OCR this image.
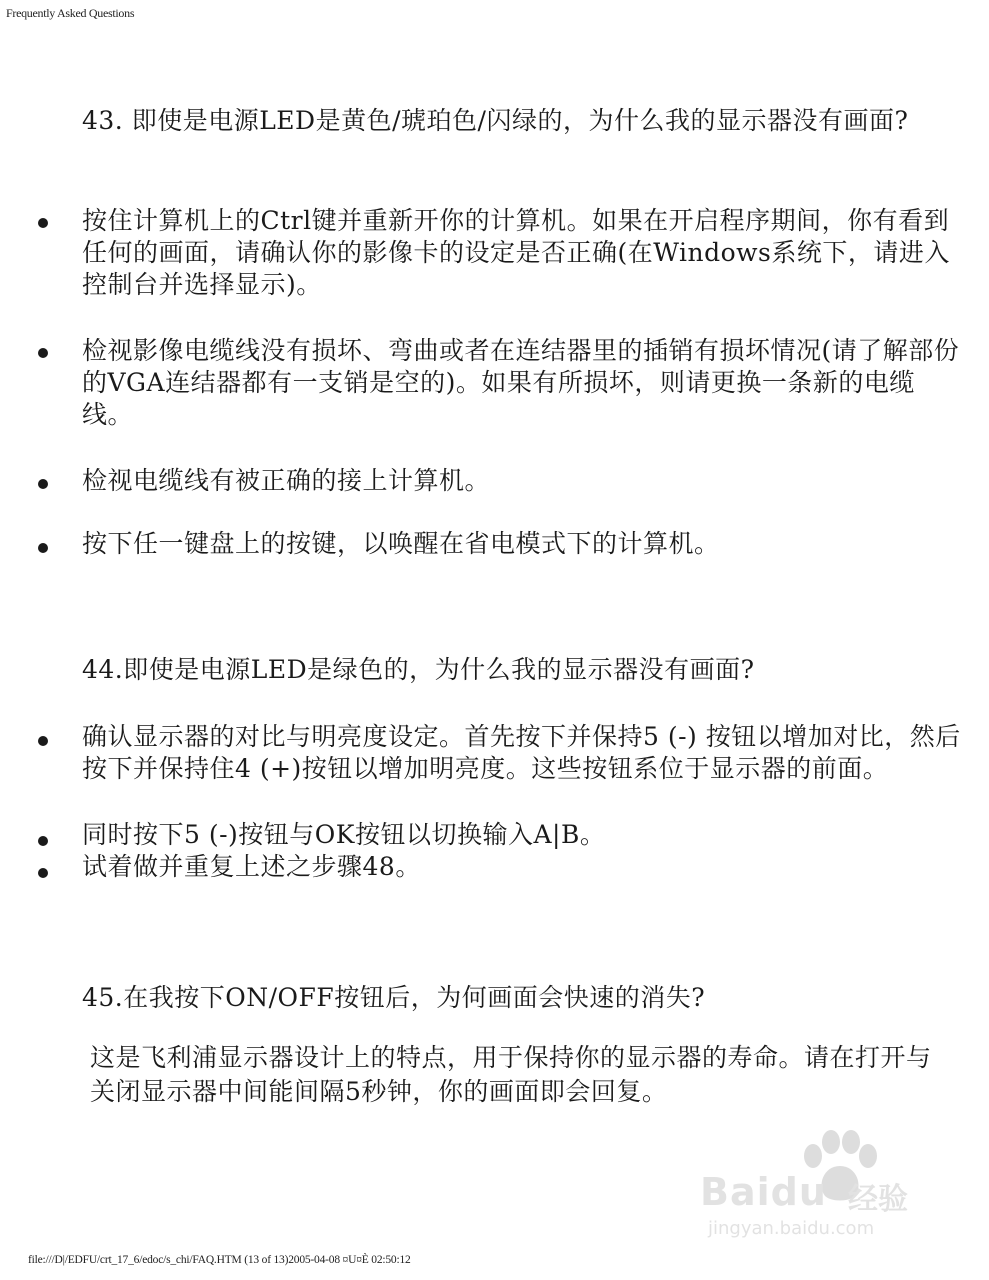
Frequently Asked Questions
43. 即使是电源LED是黄色/琥珀色/闪绿的，为什么我的显示器没有画面?
按住计算机上的Ctrl键并重新开你的计算机。如果在开启程序期间，你有看到任何的画面，请确认你的影像卡的设定是否正确(在Windows系统下，请进入控制台并选择显示)。
检视影像电缆线没有损坏、弯曲或者在连结器里的插销有损坏情况(请了解部份的VGA连结器都有一支销是空的)。如果有所损坏，则请更换一条新的电缆线。
检视电缆线有被正确的接上计算机。
按下任一键盘上的按键，以唤醒在省电模式下的计算机。
44.即使是电源LED是绿色的，为什么我的显示器没有画面?
确认显示器的对比与明亮度设定。首先按下并保持5 (-) 按钮以增加对比，然后按下并保持住4 (+)按钮以增加明亮度。这些按钮系位于显示器的前面。
同时按下5 (-)按钮与OK按钮以切换输入A|B。
试着做并重复上述之步骤48。
45.在我按下ON/OFF按钮后，为何画面会快速的消失?
这是飞利浦显示器设计上的特点，用于保持你的显示器的寿命。请在打开与关闭显示器中间能间隔5秒钟，你的画面即会回复。
Baidu 经验
jingyan.baidu.com
file:///D|/EDFU/crt_17_6/edoc/s_chi/FAQ.HTM (13 of 13)2005-04-08 ¤U¤È 02:50:12
